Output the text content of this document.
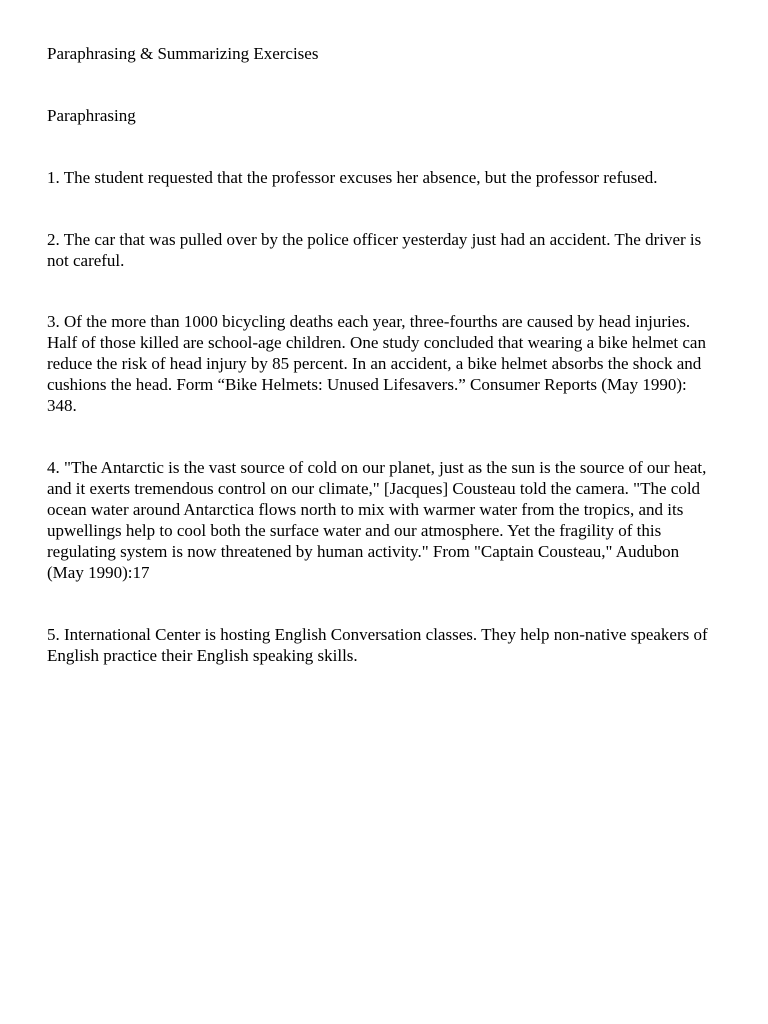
Paraphrasing & Summarizing Exercises

Paraphrasing

1. The student requested that the professor excuses her absence, but the professor refused.

2. The car that was pulled over by the police officer yesterday just had an accident. The driver is not careful.

3. Of the more than 1000 bicycling deaths each year, three-fourths are caused by head injuries. Half of those killed are school-age children. One study concluded that wearing a bike helmet can reduce the risk of head injury by 85 percent. In an accident, a bike helmet absorbs the shock and cushions the head. Form “Bike Helmets: Unused Lifesavers.” Consumer Reports (May 1990): 348.

4. "The Antarctic is the vast source of cold on our planet, just as the sun is the source of our heat, and it exerts tremendous control on our climate," [Jacques] Cousteau told the camera. "The cold ocean water around Antarctica flows north to mix with warmer water from the tropics, and its upwellings help to cool both the surface water and our atmosphere. Yet the fragility of this regulating system is now threatened by human activity." From "Captain Cousteau," Audubon (May 1990):17

5. International Center is hosting English Conversation classes. They help non-native speakers of English practice their English speaking skills.
